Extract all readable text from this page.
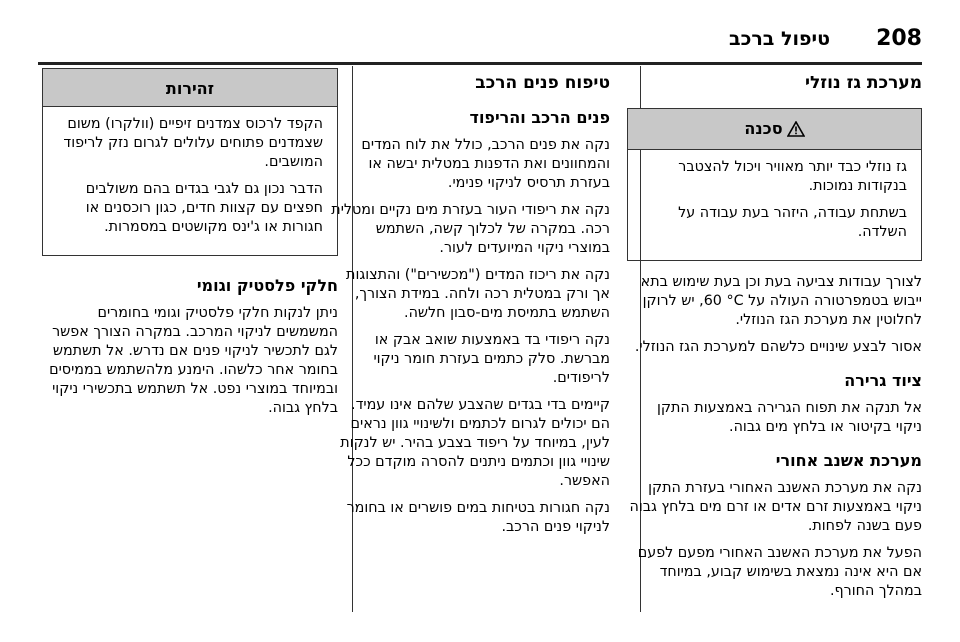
208
טיפול ברכב
מערכת גז נוזלי
סכנה

גז נוזלי כבד יותר מאוויר ויכול להצטבר בנקודות נמוכות.

בשתחת עבודה, היזהר בעת עבודה על השלדה.

לצורך עבודות צביעה בעת וכן בעת שימוש בתא ייבוש בטמפרטורה העולה על ‎60 °C‏, יש לרוקן לחלוטין את מערכת הגז הנוזלי.

אסור לבצע שינויים כלשהם למערכת הגז הנוזלי.

ציוד גרירה

אל תנקה את תפוח הגרירה באמצעות התקן ניקוי בקיטור או בלחץ מים גבוה.

מערכת אשנב אחורי

נקה את מערכת האשנב האחורי בעזרת התקן ניקוי באמצעות זרם אדים או זרם מים בלחץ גבוה פעם בשנה לפחות.

הפעל את מערכת האשנב האחורי מפעם לפעם אם היא אינה נמצאת בשימוש קבוע, במיוחד במהלך החורף.

טיפוח פנים הרכב
פנים הרכב והריפוד

נקה את פנים הרכב, כולל את לוח המדים והמחוונים ואת הדפנות במטלית יבשה או בעזרת תרסיס לניקוי פנימי.

נקה את ריפודי העור בעזרת מים נקיים ומטלית רכה. במקרה של לכלוך קשה, השתמש במוצרי ניקוי המיועדים לעור.

נקה את ריכוז המדים ("מכשירים") והתצוגות אך ורק במטלית רכה ולחה. במידת הצורך, השתמש בתמיסת מים-סבון חלשה.

נקה ריפודי בד באמצעות שואב אבק או מברשת. סלק כתמים בעזרת חומר ניקוי לריפודים.

קיימים בדי בגדים שהצבע שלהם אינו עמיד. הם יכולים לגרום לכתמים ולשינויי גוון נראים לעין, במיוחד על ריפוד בצבע בהיר. יש לנקות שינויי גוון וכתמים ניתנים להסרה מוקדם ככל האפשר.

נקה חגורות בטיחות במים פושרים או בחומר לניקוי פנים הרכב.

זהירות

הקפד לרכוס צמדנים זיפיים (וולקרו) משום שצמדנים פתוחים עלולים לגרום נזק לריפוד המושבים.

הדבר נכון גם לגבי בגדים בהם משולבים חפצים עם קצוות חדים, כגון רוכסנים או חגורות או ג'ינס מקושטים במסמרות.

חלקי פלסטיק וגומי

ניתן לנקות חלקי פלסטיק וגומי בחומרים המשמשים לניקוי המרכב. במקרה הצורך אפשר לגם לתכשיר לניקוי פנים אם נדרש. אל תשתמש בחומר אחר כלשהו. הימנע מלהשתמש בממיסים ובמיוחד במוצרי נפט. אל תשתמש בתכשירי ניקוי בלחץ גבוה.
